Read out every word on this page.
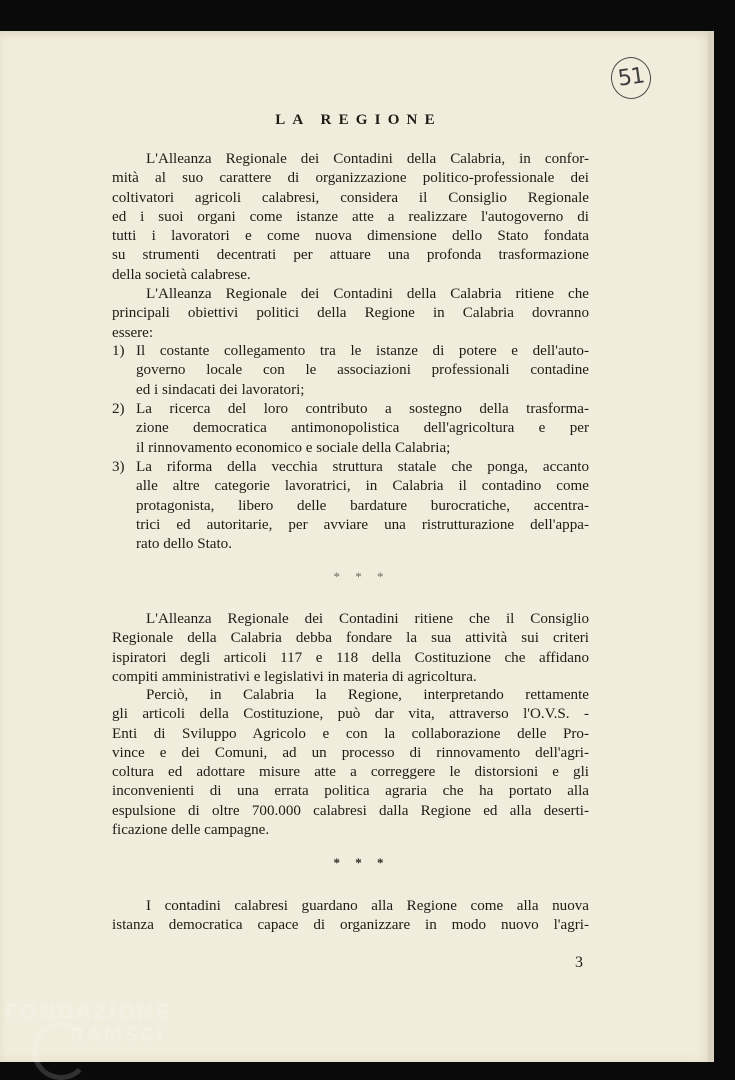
51
LA REGIONE
L'Alleanza Regionale dei Contadini della Calabria, in confor-
mità al suo carattere di organizzazione politico-professionale dei
coltivatori agricoli calabresi, considera il Consiglio Regionale
ed i suoi organi come istanze atte a realizzare l'autogoverno di
tutti i lavoratori e come nuova dimensione dello Stato fondata
su strumenti decentrati per attuare una profonda trasformazione
della società calabrese.
L'Alleanza Regionale dei Contadini della Calabria ritiene che
principali obiettivi politici della Regione in Calabria dovranno
essere:
1) Il costante collegamento tra le istanze di potere e dell'auto-
governo locale con le associazioni professionali contadine
ed i sindacati dei lavoratori;
2) La ricerca del loro contributo a sostegno della trasforma-
zione democratica antimonopolistica dell'agricoltura e per
il rinnovamento economico e sociale della Calabria;
3) La riforma della vecchia struttura statale che ponga, accanto
alle altre categorie lavoratrici, in Calabria il contadino come
protagonista, libero delle bardature burocratiche, accentra-
trici ed autoritarie, per avviare una ristrutturazione dell'appa-
rato dello Stato.
* * *
L'Alleanza Regionale dei Contadini ritiene che il Consiglio
Regionale della Calabria debba fondare la sua attività sui criteri
ispiratori degli articoli 117 e 118 della Costituzione che affidano
compiti amministrativi e legislativi in materia di agricoltura.
Perciò, in Calabria la Regione, interpretando rettamente
gli articoli della Costituzione, può dar vita, attraverso l'O.V.S. -
Enti di Sviluppo Agricolo e con la collaborazione delle Pro-
vince e dei Comuni, ad un processo di rinnovamento dell'agri-
coltura ed adottare misure atte a correggere le distorsioni e gli
inconvenienti di una errata politica agraria che ha portato alla
espulsione di oltre 700.000 calabresi dalla Regione ed alla deserti-
ficazione delle campagne.
* * *
I contadini calabresi guardano alla Regione come alla nuova
istanza democratica capace di organizzare in modo nuovo l'agri-
3
FONDAZIONE
RAMSCI
